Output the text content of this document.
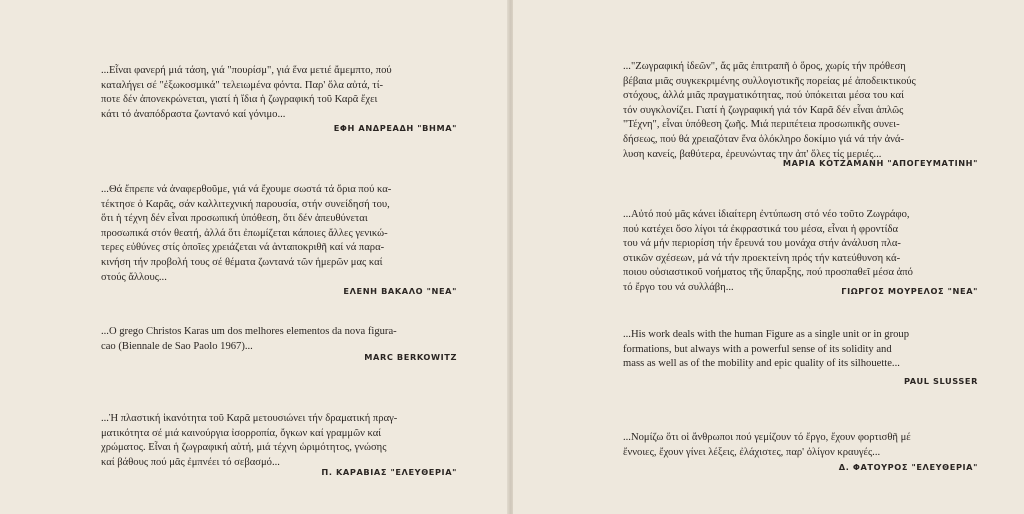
...Εἶναι φανερή μιά τάση, γιά "πουρίσμ", γιά ἕνα μετιέ ἄμεμπτο, πού

καταλήγει σέ "ἐξωκοσμικά" τελειωμένα φόντα. Παρ' ὅλα αὐτά, τί-

ποτε δέν ἀπονεκρώνεται, γιατί ἡ ἴδια ἡ ζωγραφική τοῦ Καρᾶ ἔχει

κάτι τό ἀναπόδραστα ζωντανό καί γόνιμο...

ΕΦΗ ΑΝΔΡΕΑΔΗ "ΒΗΜΑ"

...Θά ἔπρεπε νά ἀναφερθοῦμε, γιά νά ἔχουμε σωστά τά ὅρια πού κα-

τέκτησε ὁ Καρᾶς, σάν καλλιτεχνική παρουσία, στήν συνείδησή του,

ὅτι ἡ τέχνη δέν εἶναι προσωπική ὑπόθεση, ὅτι δέν ἀπευθύνεται

προσωπικά στόν θεατή, ἀλλά ὅτι ἐπωμίζεται κάποιες ἄλλες γενικώ-

τερες εὐθύνες στίς ὁποῖες χρειάζεται νά ἀνταποκριθῆ καί νά παρα-

κινήση τήν προβολή τους σέ θέματα ζωντανά τῶν ἡμερῶν μας καί

στούς ἄλλους...

ΕΛΕΝΗ ΒΑΚΑΛΟ "ΝΕΑ"

...O grego Christos Karas um dos melhores elementos da nova figura-

cao (Biennale de Sao Paolo 1967)...

MARC BERKOWITZ

...Ἡ πλαστική ἱκανότητα τοῦ Καρᾶ μετουσιώνει τήν δραματική πραγ-

ματικότητα σέ μιά καινούργια ἰσορροπία, ὄγκων καί γραμμῶν καί

χρώματος. Εἶναι ἡ ζωγραφική αὐτή, μιά τέχνη ὡριμότητος, γνώσης

καί βάθους πού μᾶς ἐμπνέει τό σεβασμό...

Π. ΚΑΡΑΒΙΑΣ "ΕΛΕΥΘΕΡΙΑ"

..."Ζωγραφική ἰδεῶν", ἄς μᾶς ἐπιτραπῆ ὁ ὅρος, χωρίς τήν πρόθεση

βέβαια μιᾶς συγκεκριμένης συλλογιστικῆς πορείας μέ ἀποδεικτικούς

στόχους, ἀλλά μιᾶς πραγματικότητας, πού ὑπόκειται μέσα του καί

τόν συγκλονίζει. Γιατί ἡ ζωγραφική γιά τόν Καρᾶ δέν εἶναι ἁπλῶς

"Τέχνη", εἶναι ὑπόθεση ζωῆς. Μιά περιπέτεια προσωπικῆς συνει-

δήσεως, πού θά χρειαζόταν ἕνα ὁλόκληρο δοκίμιο γιά νά τήν ἀνά-

λυση κανείς, βαθύτερα, ἐρευνώντας την ἀπ' ὅλες τίς μεριές...

ΜΑΡΙΑ ΚΟΤΖΑΜΑΝΗ "ΑΠΟΓΕΥΜΑΤΙΝΗ"

...Αὐτό πού μᾶς κάνει ἰδιαίτερη ἐντύπωση στό νέο τοῦτο Ζωγράφο,

πού κατέχει ὅσο λίγοι τά ἐκφραστικά του μέσα, εἶναι ἡ φροντίδα

του νά μήν περιορίση τήν ἔρευνά του μονάχα στήν ἀνάλυση πλα-

στικῶν σχέσεων, μά νά τήν προεκτείνη πρός τήν κατεύθυνση κά-

ποιου οὐσιαστικοῦ νοήματος τῆς ὕπαρξης, πού προσπαθεῖ μέσα ἀπό

τό ἔργο του νά συλλάβη...	ΓΙΩΡΓΟΣ ΜΟΥΡΕΛΟΣ "ΝΕΑ"

...His work deals with the human Figure as a single unit or in group

formations, but always with a powerful sense of its solidity and

mass as well as of the mobility and epic quality of its silhouette...

PAUL SLUSSER

...Νομίζω ὅτι οἱ ἄνθρωποι πού γεμίζουν τό ἔργο, ἔχουν φορτισθῆ μέ

ἔννοιες, ἔχουν γίνει λέξεις, ἐλάχιστες, παρ' ὀλίγον κραυγές...

Δ. ΦΑΤΟΥΡΟΣ "ΕΛΕΥΘΕΡΙΑ"
